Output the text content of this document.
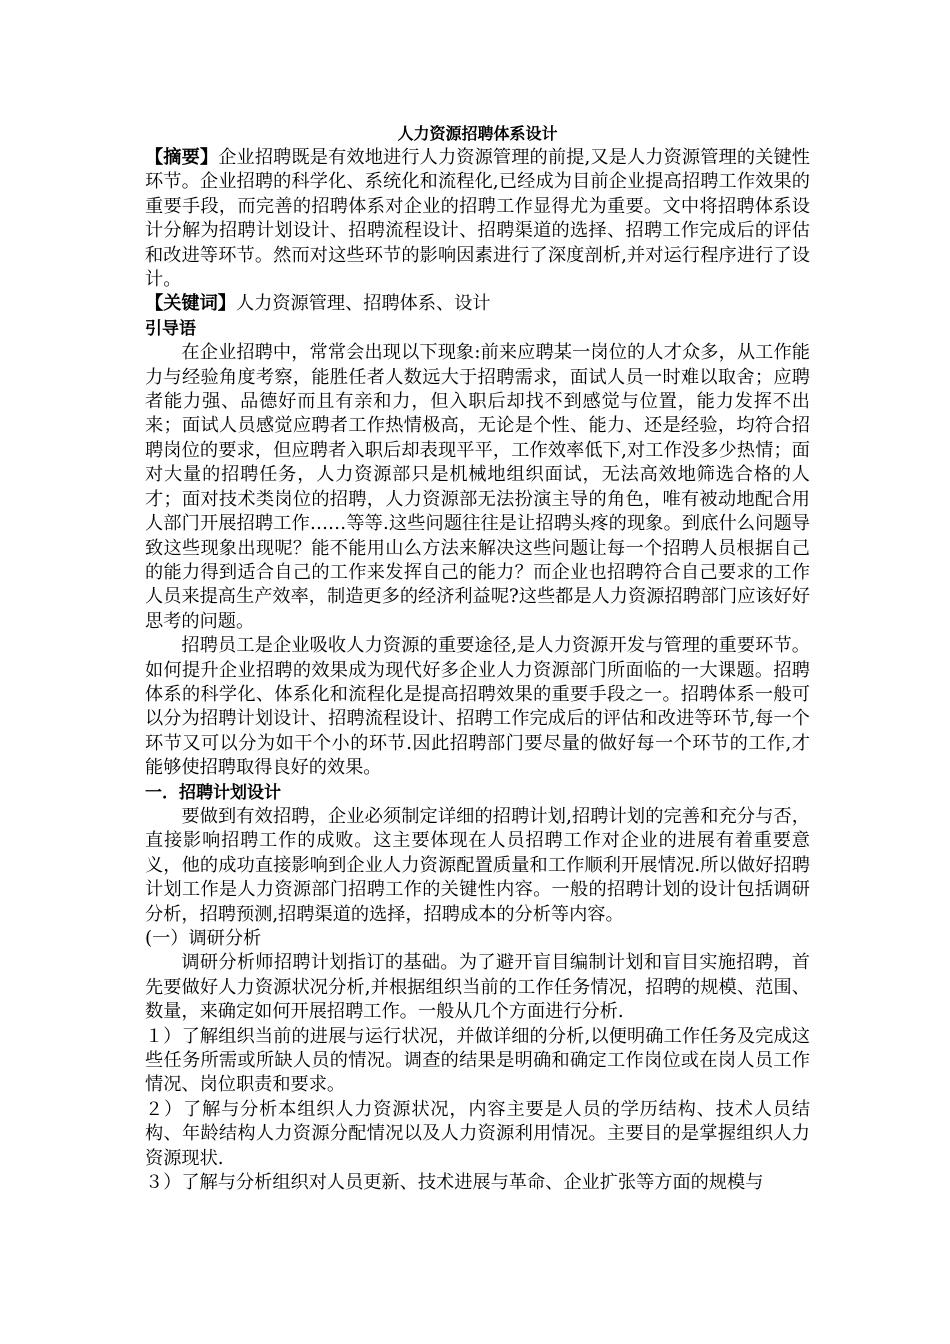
人力资源招聘体系设计

【摘要】企业招聘既是有效地进行人力资源管理的前提,又是人力资源管理的关键性环节。企业招聘的科学化、系统化和流程化,已经成为目前企业提高招聘工作效果的重要手段，而完善的招聘体系对企业的招聘工作显得尤为重要。文中将招聘体系设计分解为招聘计划设计、招聘流程设计、招聘渠道的选择、招聘工作完成后的评估和改进等环节。然而对这些环节的影响因素进行了深度剖析,并对运行程序进行了设计。

【关键词】人力资源管理、招聘体系、设计

引导语

在企业招聘中，常常会出现以下现象:前来应聘某一岗位的人才众多，从工作能力与经验角度考察，能胜任者人数远大于招聘需求，面试人员一时难以取舍；应聘者能力强、品德好而且有亲和力，但入职后却找不到感觉与位置，能力发挥不出来；面试人员感觉应聘者工作热情极高，无论是个性、能力、还是经验，均符合招聘岗位的要求，但应聘者入职后却表现平平，工作效率低下,对工作没多少热情；面对大量的招聘任务，人力资源部只是机械地组织面试，无法高效地筛选合格的人才；面对技术类岗位的招聘，人力资源部无法扮演主导的角色，唯有被动地配合用人部门开展招聘工作……等等.这些问题往往是让招聘头疼的现象。到底什么问题导致这些现象出现呢？能不能用山么方法来解决这些问题让每一个招聘人员根据自己的能力得到适合自己的工作来发挥自己的能力？而企业也招聘符合自己要求的工作人员来提高生产效率，制造更多的经济利益呢?这些都是人力资源招聘部门应该好好思考的问题。

招聘员工是企业吸收人力资源的重要途径,是人力资源开发与管理的重要环节。如何提升企业招聘的效果成为现代好多企业人力资源部门所面临的一大课题。招聘体系的科学化、体系化和流程化是提高招聘效果的重要手段之一。招聘体系一般可以分为招聘计划设计、招聘流程设计、招聘工作完成后的评估和改进等环节,每一个环节又可以分为如干个小的环节.因此招聘部门要尽量的做好每一个环节的工作,才能够使招聘取得良好的效果。

一．招聘计划设计

要做到有效招聘，企业必须制定详细的招聘计划,招聘计划的完善和充分与否，直接影响招聘工作的成败。这主要体现在人员招聘工作对企业的进展有着重要意义，他的成功直接影响到企业人力资源配置质量和工作顺利开展情况.所以做好招聘计划工作是人力资源部门招聘工作的关键性内容。一般的招聘计划的设计包括调研分析，招聘预测,招聘渠道的选择，招聘成本的分析等内容。

(一）调研分析

调研分析师招聘计划指订的基础。为了避开盲目编制计划和盲目实施招聘，首先要做好人力资源状况分析,并根据组织当前的工作任务情况，招聘的规模、范围、数量，来确定如何开展招聘工作。一般从几个方面进行分析.

１）了解组织当前的进展与运行状况，并做详细的分析,以便明确工作任务及完成这些任务所需或所缺人员的情况。调查的结果是明确和确定工作岗位或在岗人员工作情况、岗位职责和要求。

２）了解与分析本组织人力资源状况，内容主要是人员的学历结构、技术人员结构、年龄结构人力资源分配情况以及人力资源利用情况。主要目的是掌握组织人力资源现状.

３）了解与分析组织对人员更新、技术进展与革命、企业扩张等方面的规模与
